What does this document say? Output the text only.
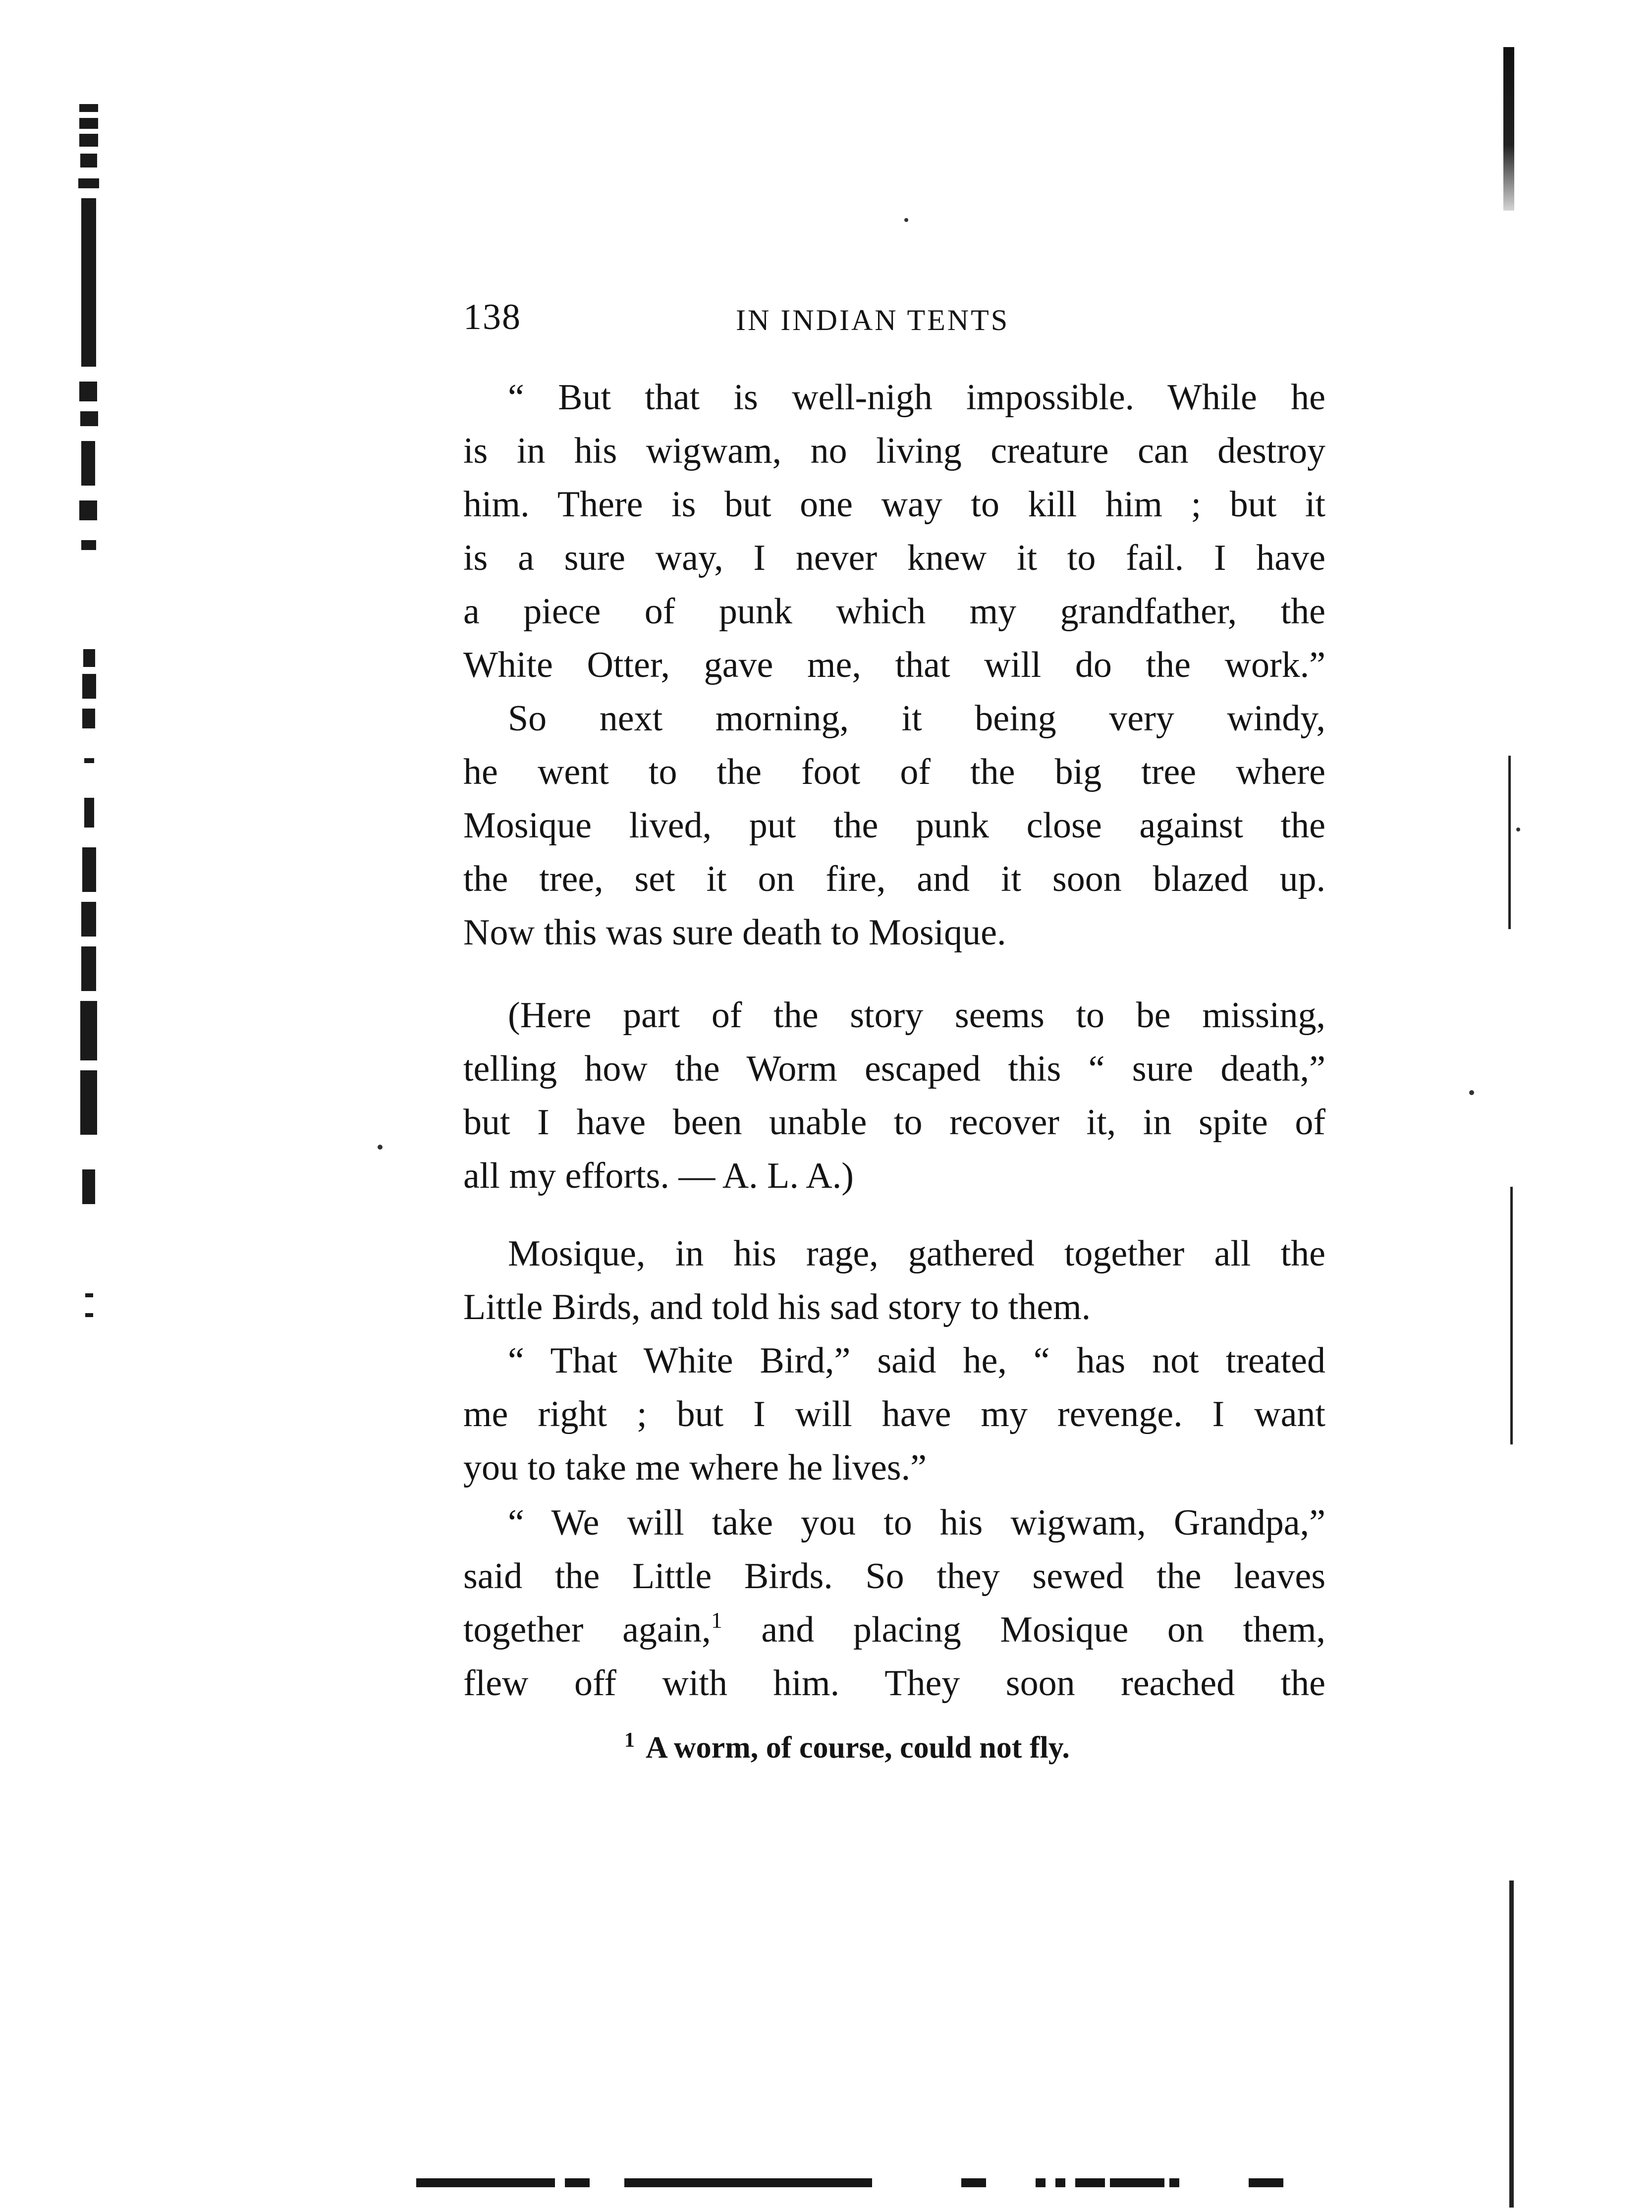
138	IN INDIAN TENTS
“ But that is well-nigh impossible. While he
is in his wigwam, no living creature can destroy
him. There is but one way to kill him ; but it
is a sure way, I never knew it to fail. I have
a piece of punk which my grandfather, the
White Otter, gave me, that will do the work.”
So next morning, it being very windy,
he went to the foot of the big tree where
Mosique lived, put the punk close against the
the tree, set it on fire, and it soon blazed up.
Now this was sure death to Mosique.
(Here part of the story seems to be missing,
telling how the Worm escaped this “ sure death,”
but I have been unable to recover it, in spite of
all my efforts. — A. L. A.)
Mosique, in his rage, gathered together all the
Little Birds, and told his sad story to them.
“ That White Bird,” said he, “ has not treated
me right ; but I will have my revenge. I want
you to take me where he lives.”
“ We will take you to his wigwam, Grandpa,”
said the Little Birds. So they sewed the leaves
together again,$^1$ and placing Mosique on them,
flew off with him. They soon reached the
$^1$ A worm, of course, could not fly.
